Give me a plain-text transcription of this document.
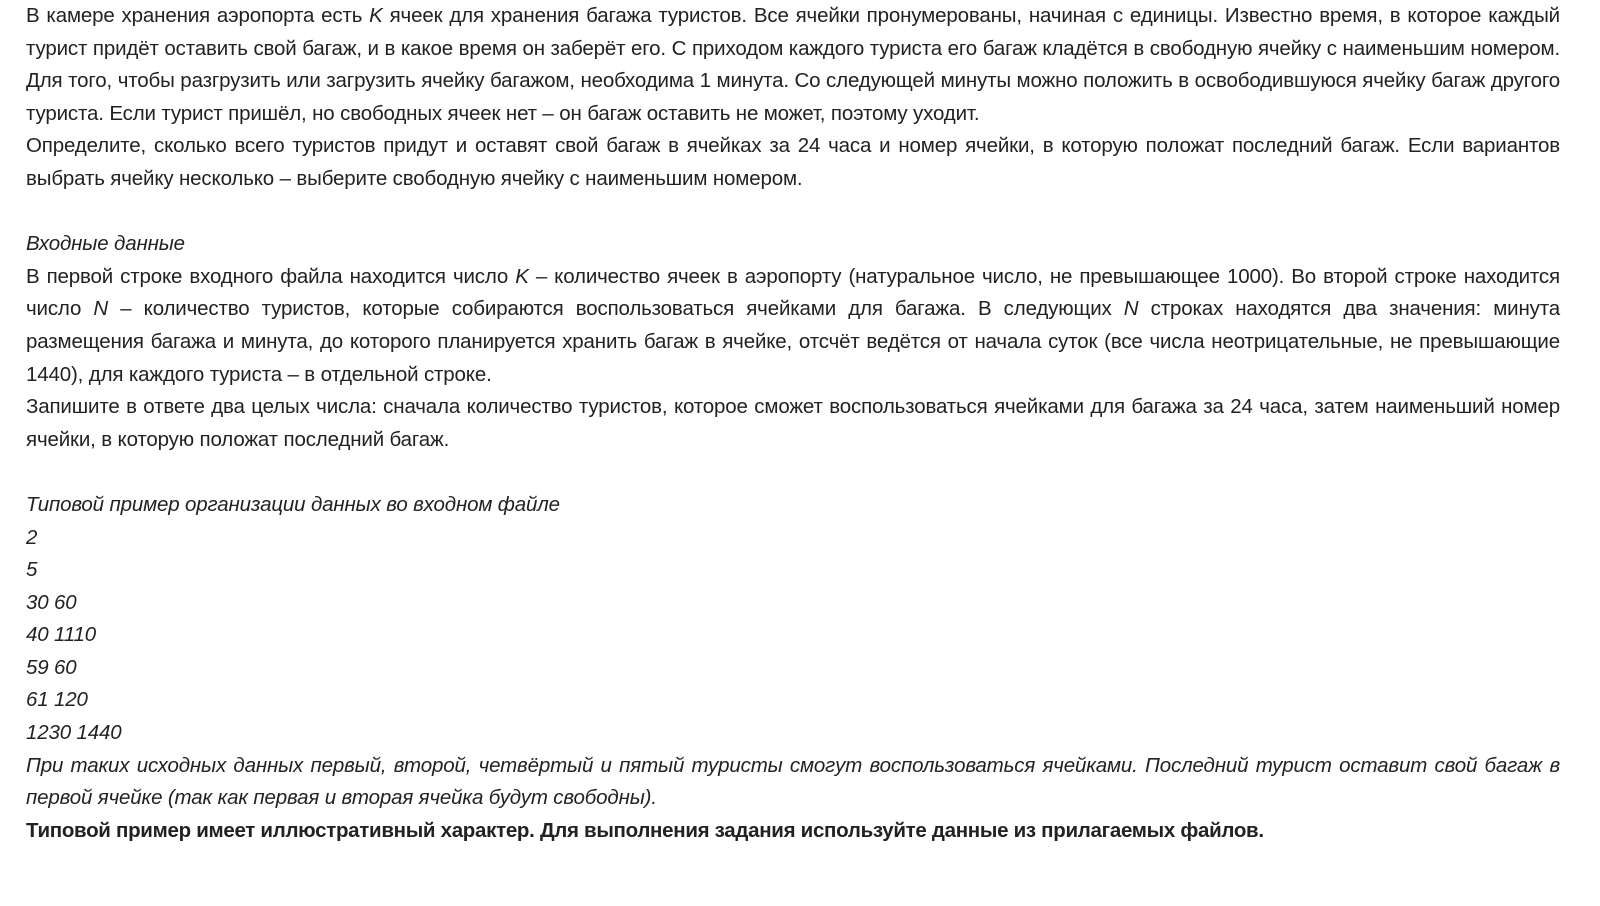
В камере хранения аэропорта есть K ячеек для хранения багажа туристов. Все ячейки пронумерованы, начиная с единицы. Известно время, в которое каждый турист придёт оставить свой багаж, и в какое время он заберёт его. С приходом каждого туриста его багаж кладётся в свободную ячейку с наименьшим номером. Для того, чтобы разгрузить или загрузить ячейку багажом, необходима 1 минута. Со следующей минуты можно положить в освободившуюся ячейку багаж другого туриста. Если турист пришёл, но свободных ячеек нет – он багаж оставить не может, поэтому уходит.

Определите, сколько всего туристов придут и оставят свой багаж в ячейках за 24 часа и номер ячейки, в которую положат последний багаж. Если вариантов выбрать ячейку несколько – выберите свободную ячейку с наименьшим номером.

Входные данные

В первой строке входного файла находится число K – количество ячеек в аэропорту (натуральное число, не превышающее 1000). Во второй строке находится число N – количество туристов, которые собираются воспользоваться ячейками для багажа. В следующих N строках находятся два значения: минута размещения багажа и минута, до которого планируется хранить багаж в ячейке, отсчёт ведётся от начала суток (все числа неотрицательные, не превышающие 1440), для каждого туриста – в отдельной строке.

Запишите в ответе два целых числа: сначала количество туристов, которое сможет воспользоваться ячейками для багажа за 24 часа, затем наименьший номер ячейки, в которую положат последний багаж.

Типовой пример организации данных во входном файле

2

5

30 60

40 1110

59 60

61 120

1230 1440

При таких исходных данных первый, второй, четвёртый и пятый туристы смогут воспользоваться ячейками. Последний турист оставит свой багаж в первой ячейке (так как первая и вторая ячейка будут свободны).

Типовой пример имеет иллюстративный характер. Для выполнения задания используйте данные из прилагаемых файлов.
